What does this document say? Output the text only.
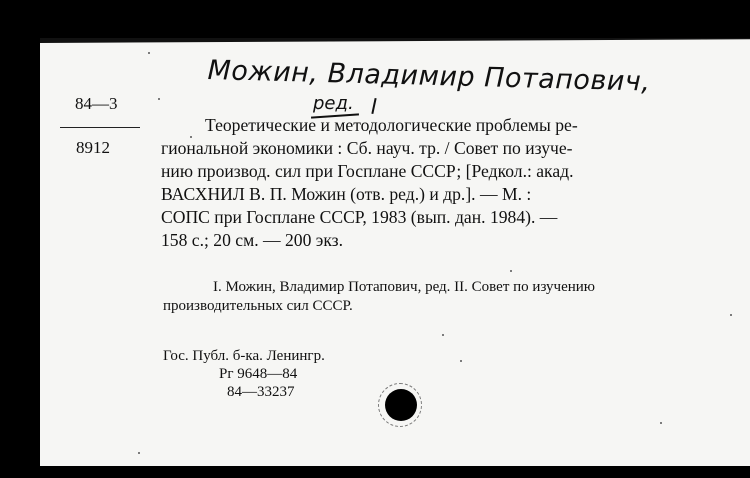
Можин, Владимир Потапович,
ред.
84—3
8912
Теоретические и методологические проблемы ре-
гиональной экономики : Сб. науч. тр. / Совет по изуче-
нию производ. сил при Госплане СССР; [Редкол.: акад.
ВАСХНИЛ В. П. Можин (отв. ред.) и др.]. — М. :
СОПС при Госплане СССР, 1983 (вып. дан. 1984). —
158 с.; 20 см. — 200 экз.
I. Можин, Владимир Потапович, ред. II. Совет по изучению
производительных сил СССР.
Гос. Публ. б-ка. Ленингр.
Рг 9648—84
84—33237
